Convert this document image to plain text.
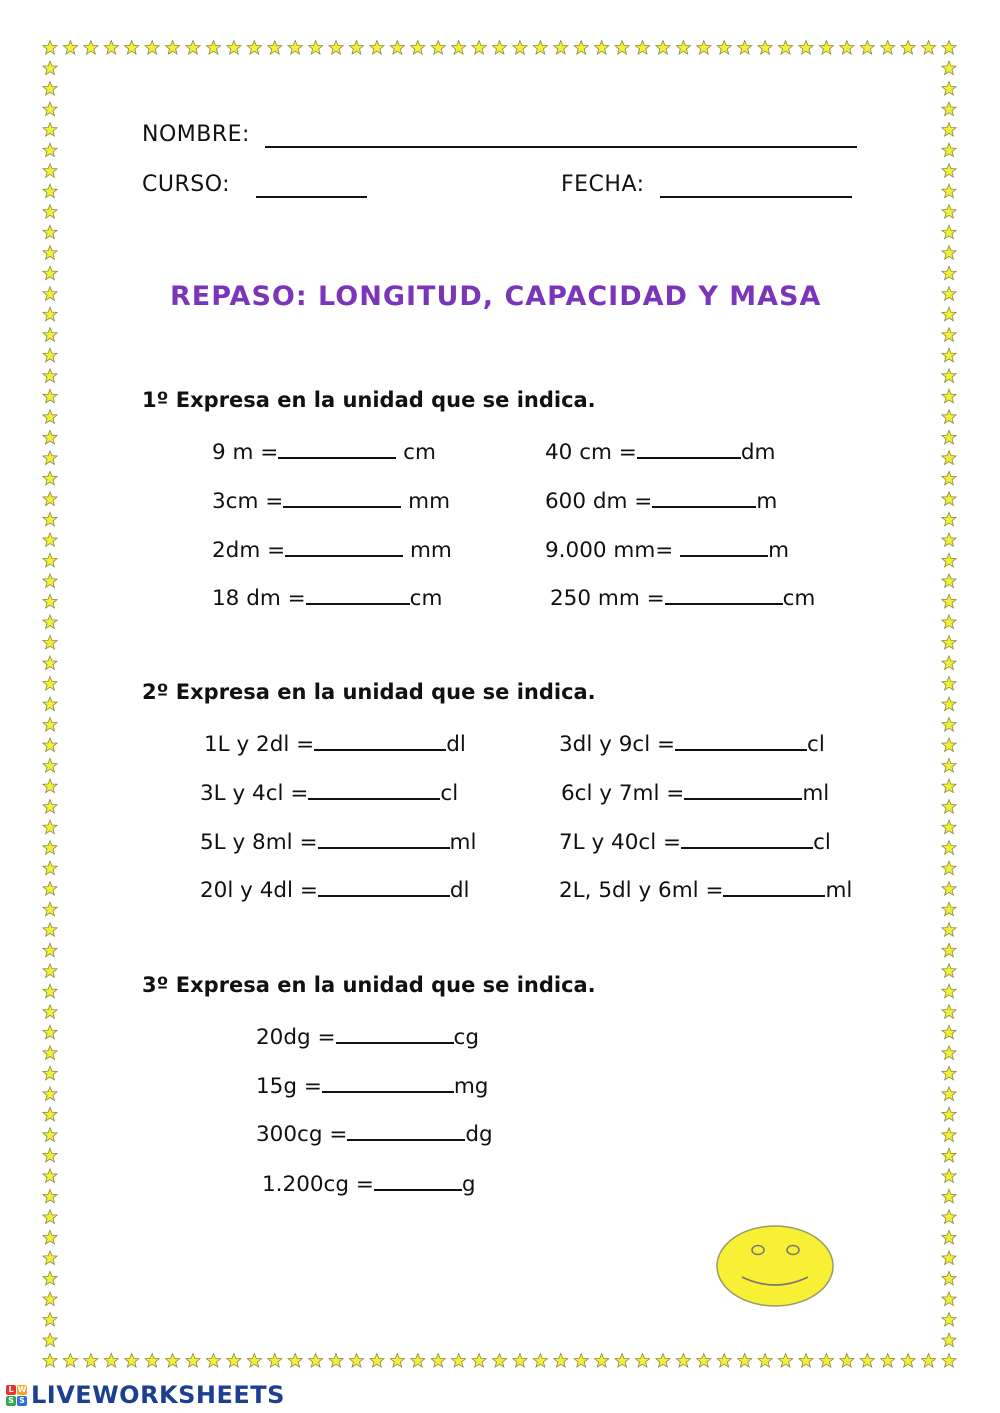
NOMBRE:
CURSO:	FECHA:
REPASO: LONGITUD, CAPACIDAD Y MASA
1º Expresa en la unidad que se indica.
9 m =	cm
3cm =	mm
2dm =	mm
18 dm =	cm
40 cm =	dm
600 dm =	m
9.000 mm=	m
250 mm =	cm
2º Expresa en la unidad que se indica.
1L y 2dl =	dl
3L y 4cl =	cl
5L y 8ml =	ml
20l y 4dl =	dl
3dl y 9cl =	cl
6cl y 7ml =	ml
7L y 40cl =	cl
2L, 5dl y 6ml =	ml
3º Expresa en la unidad que se indica.
20dg =	cg
15g =	mg
300cg =	dg
1.200cg =	g
L W
S S LIVEWORKSHEETS
